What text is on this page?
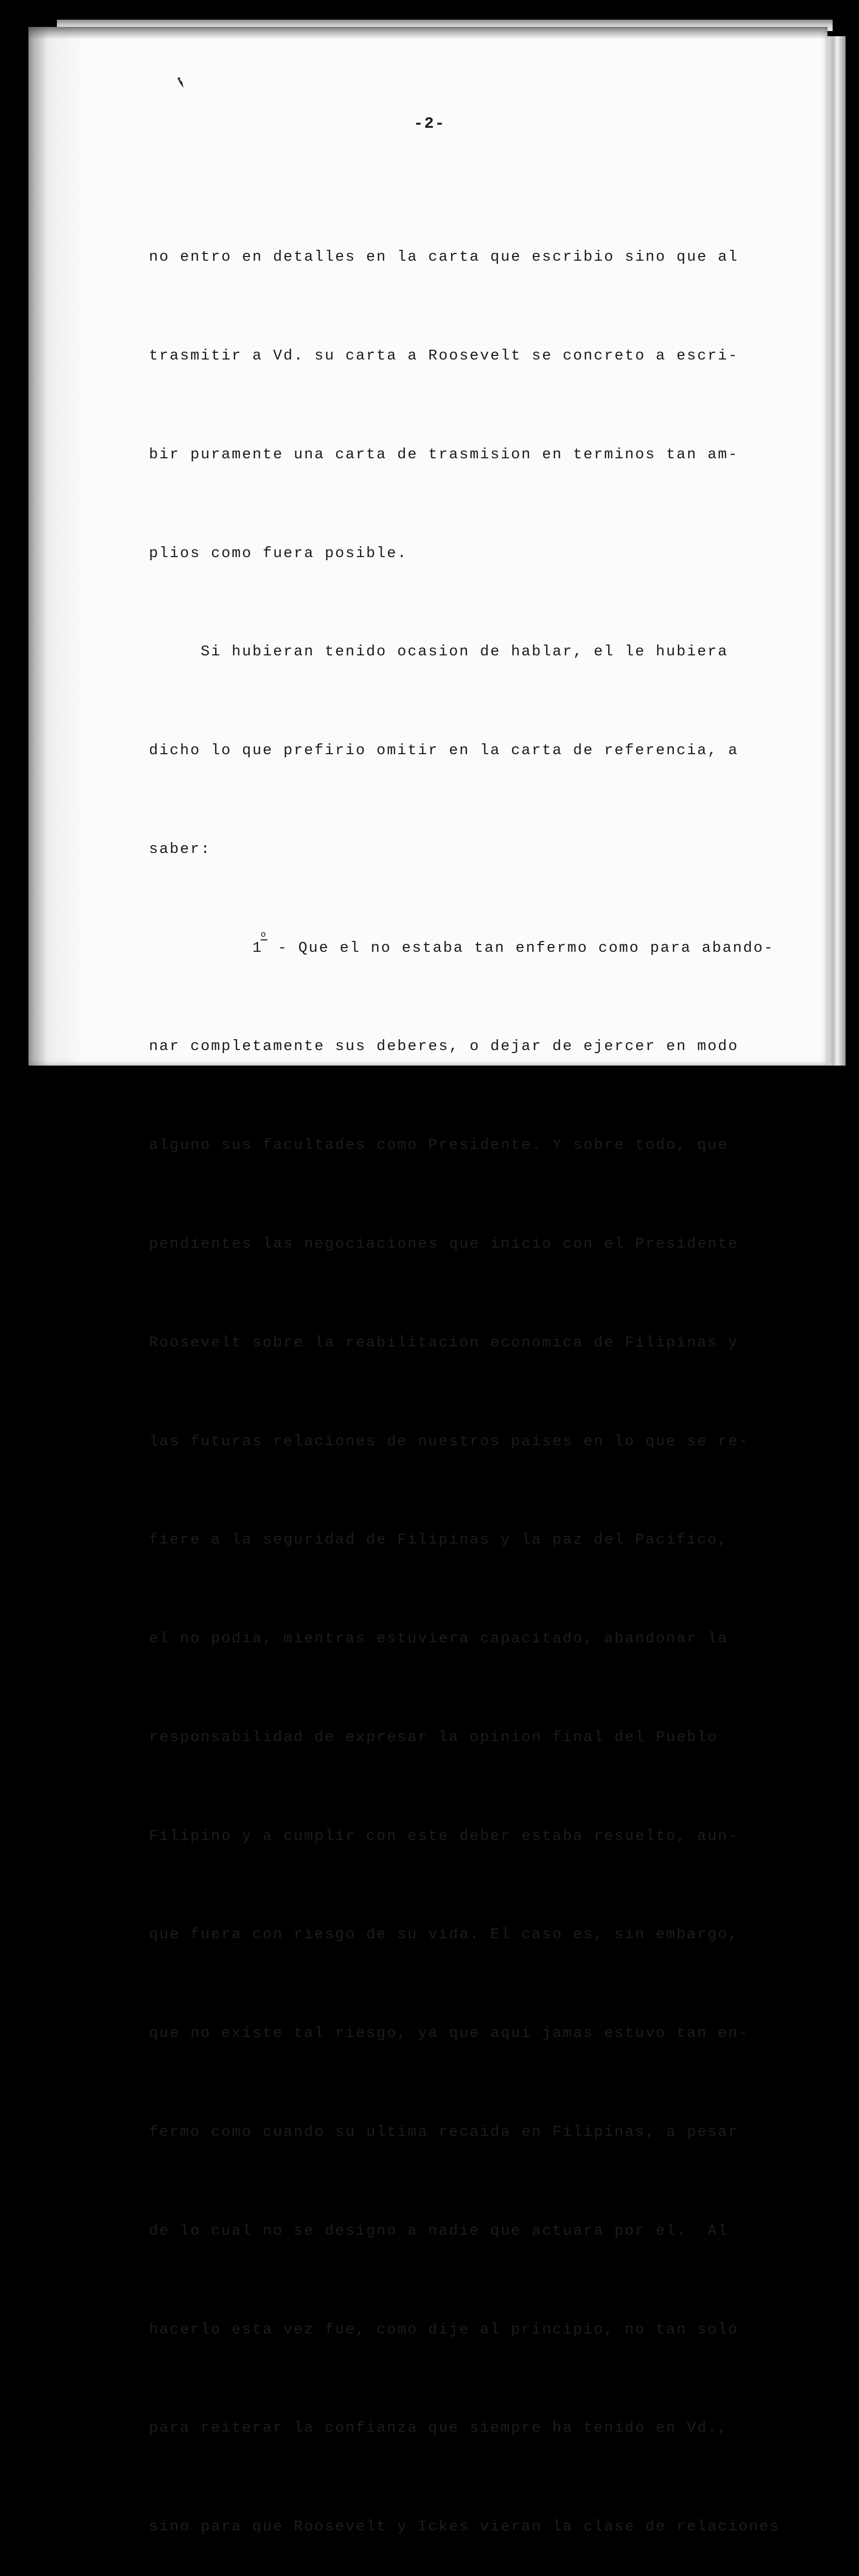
-2-

no entro en detalles en la carta que escribio sino que al

trasmitir a Vd. su carta a Roosevelt se concreto a escri-

bir puramente una carta de trasmision en terminos tan am-

plios como fuera posible.

Si hubieran tenido ocasion de hablar, el le hubiera

dicho lo que prefirio omitir en la carta de referencia, a

saber:

1o - Que el no estaba tan enfermo como para abando-

nar completamente sus deberes, o dejar de ejercer en modo

alguno sus facultades como Presidente. Y sobre todo, que

pendientes las negociaciones que inicio con el Presidente

Roosevelt sobre la reabilitacion economica de Filipinas y

las futuras relaciones de nuestros paises en lo que se re-

fiere a la seguridad de Filipinas y la paz del Pacifico,

el no podia, mientras estuviera capacitado, abandonar la

responsabilidad de expresar la opinion final del Pueblo

Filipino y a cumplir con este deber estaba resuelto, aun-

que fuera con riesgo de su vida. El caso es, sin embargo,

que no existe tal riesgo, ya que aqui jamas estuvo tan en-

fermo como cuando su ultima recaida en Filipinas, a pesar

de lo cual no se designo a nadie que actuara por el.  Al

hacerlo esta vez fue, como dije al principio, no tan solo

para reiterar la confianza que siempre ha tenido en Vd.,

sino para que Roosevelt y Ickes vieran la clase de relaciones
